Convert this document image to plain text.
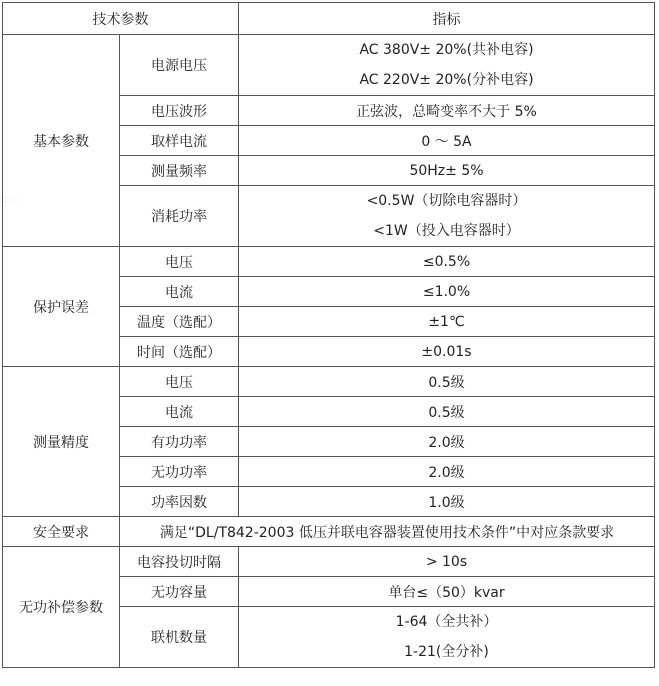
∷∷∷
技术参数		指标
基本参数	电源电压	AC 380V± 20%(共补电容)
AC 220V± 20%(分补电容)

	电压波形	正弦波，总畸变率不大于 5%
	取样电流	0 ～ 5A
	测量频率	50Hz± 5%
	消耗功率	<0.5W（切除电容器时）
<1W（投入电容器时）

保护误差	电压	≤0.5%
	电流	≤1.0%
	温度（选配）	±1℃
	时间（选配）	±0.01s
测量精度	电压	0.5级
	电流	0.5级
	有功功率	2.0级
	无功功率	2.0级
	功率因数	1.0级
安全要求	满足“DL/T842-2003 低压并联电容器装置使用技术条件”中对应条款要求	
无功补偿参数	电容投切时隔	> 10s
	无功容量	单台≤（50）kvar
	联机数量	1-64（全共补）
1-21(全分补)
